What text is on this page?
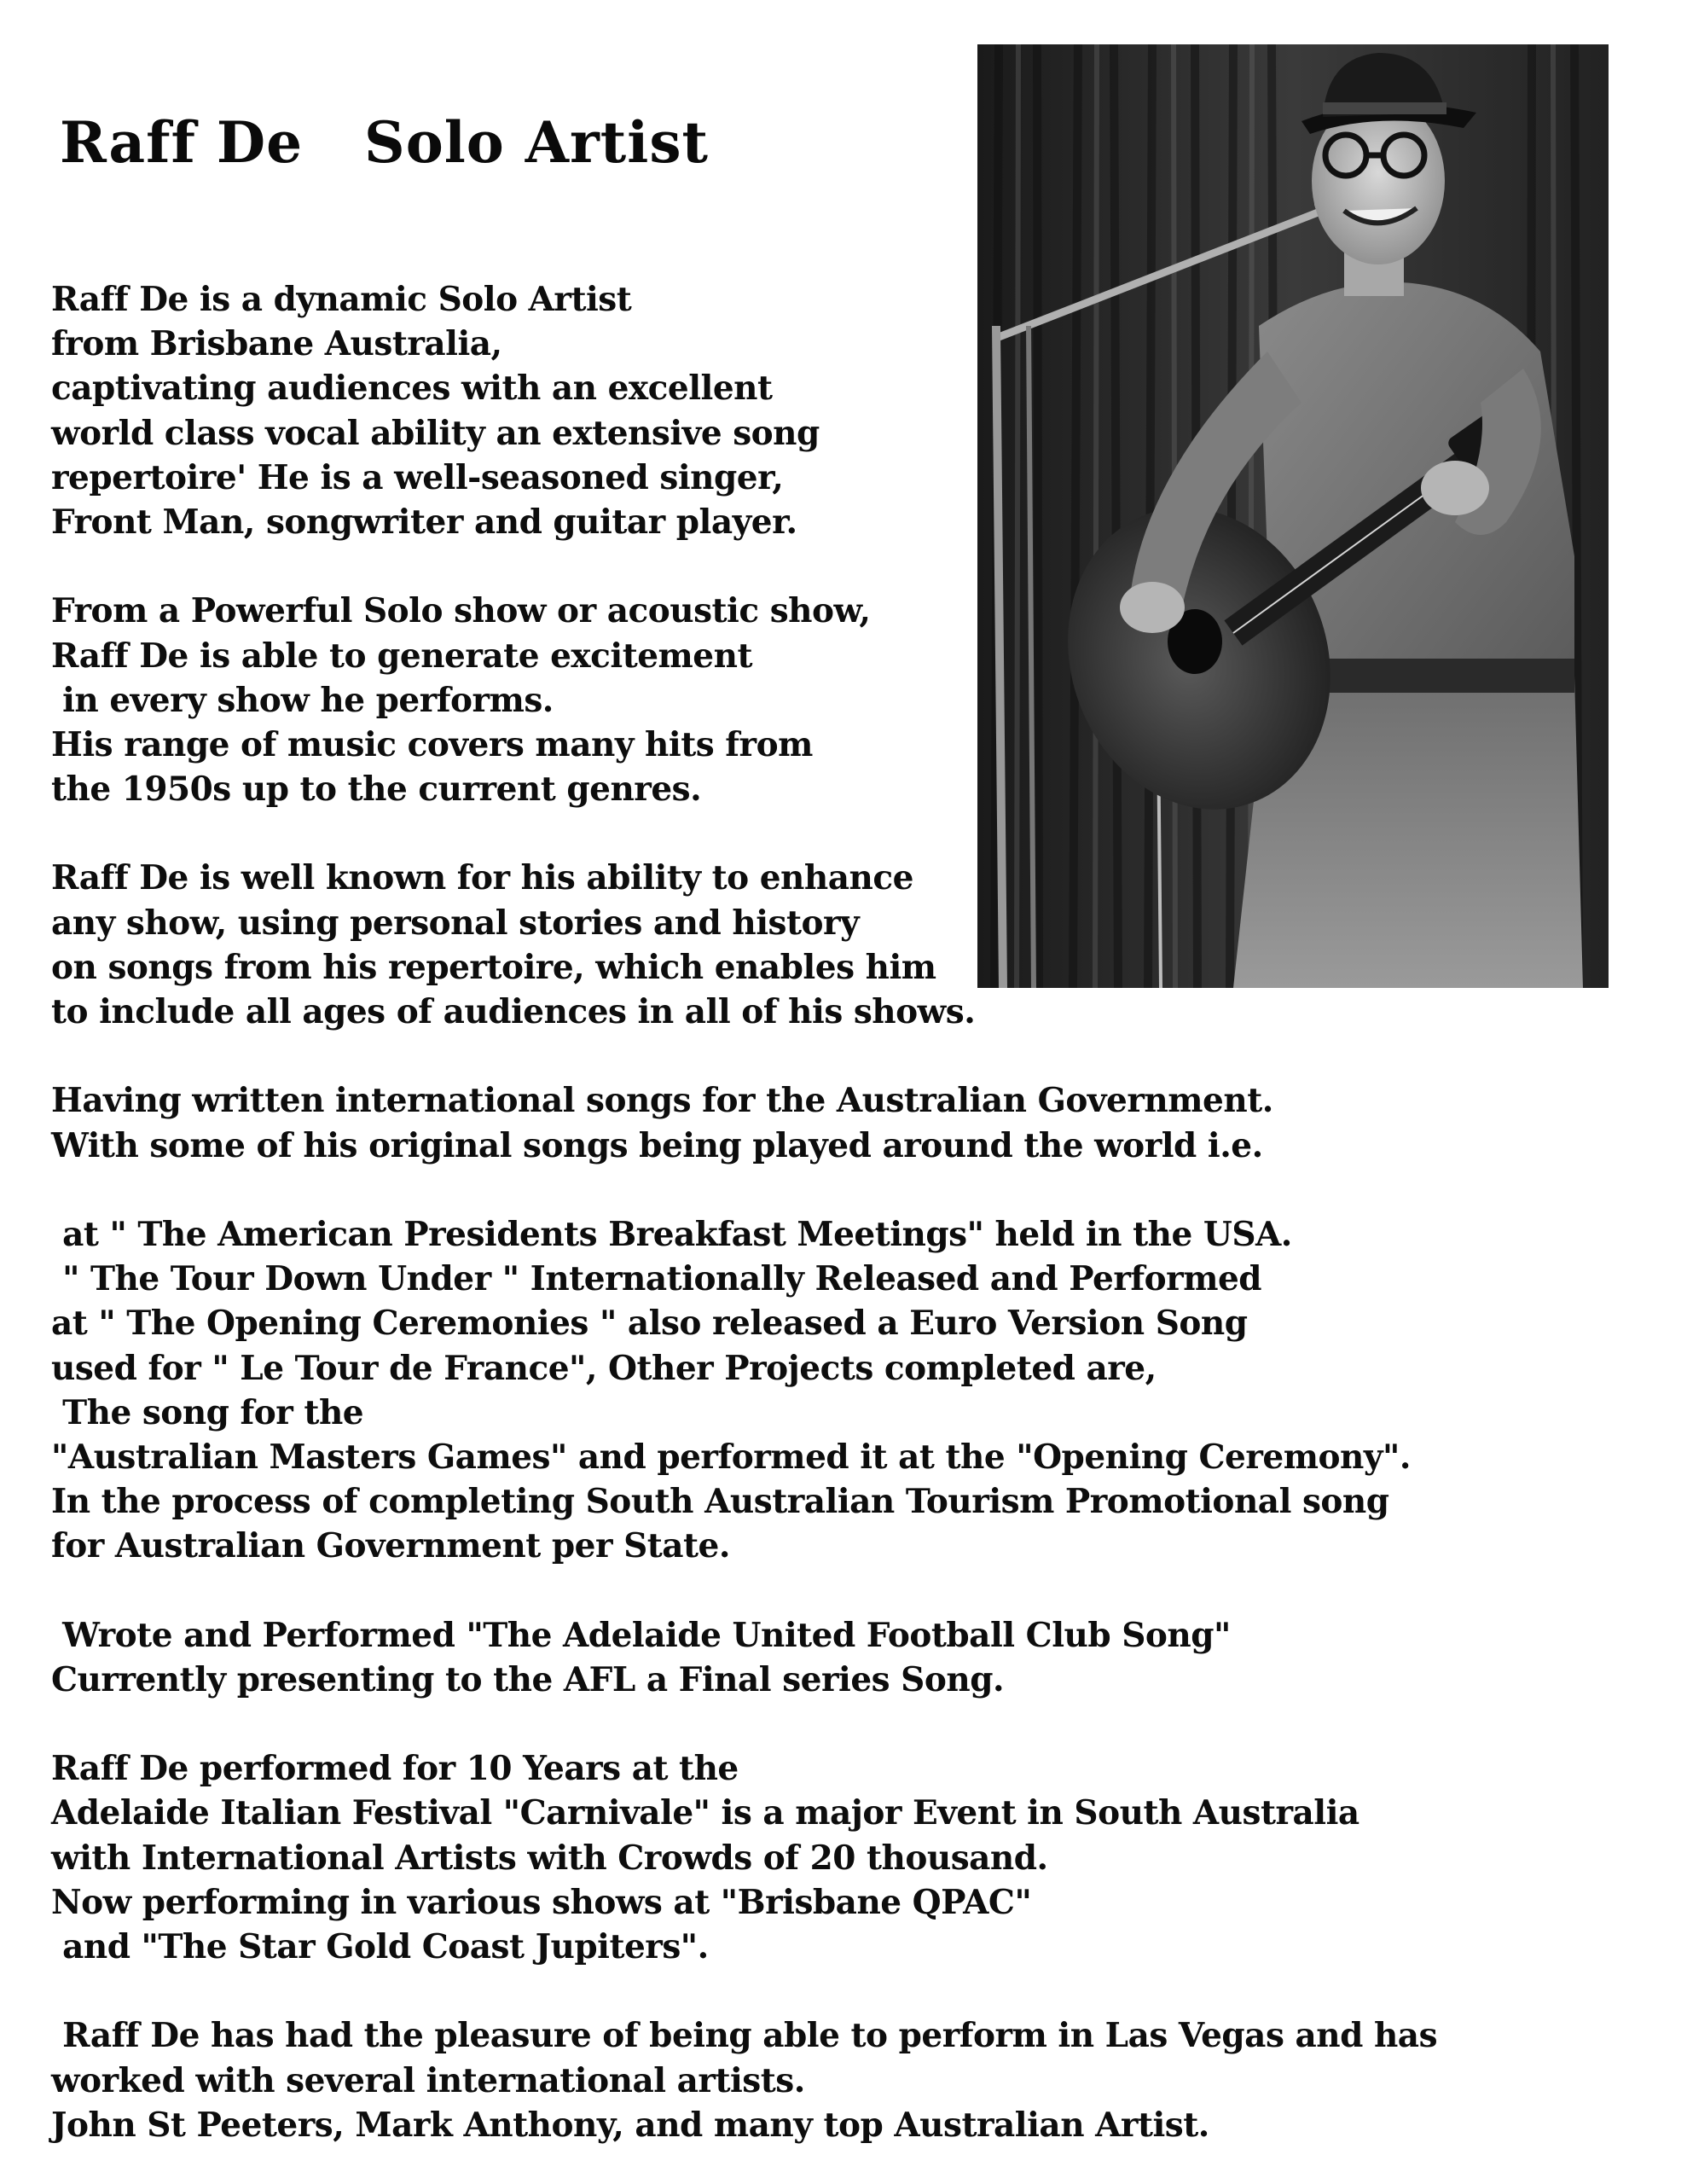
Raff De   Solo Artist
Raff De is a dynamic Solo Artist
from Brisbane Australia,
captivating audiences with an excellent
world class vocal ability an extensive song
repertoire' He is a well-seasoned singer,
Front Man, songwriter and guitar player.
From a Powerful Solo show or acoustic show,
Raff De is able to generate excitement
in every show he performs.
His range of music covers many hits from
the 1950s up to the current genres.
Raff De is well known for his ability to enhance
any show, using personal stories and history
on songs from his repertoire, which enables him
to include all ages of audiences in all of his shows.
Having written international songs for the Australian Government.
With some of his original songs being played around the world i.e.
at " The American Presidents Breakfast Meetings" held in the USA.
" The Tour Down Under " Internationally Released and Performed
at " The Opening Ceremonies " also released a Euro Version Song
used for " Le Tour de France", Other Projects completed are,
The song for the
"Australian Masters Games" and performed it at the "Opening Ceremony".
In the process of completing South Australian Tourism Promotional song
for Australian Government per State.
Wrote and Performed "The Adelaide United Football Club Song"
Currently presenting to the AFL a Final series Song.
Raff De performed for 10 Years at the
Adelaide Italian Festival "Carnivale" is a major Event in South Australia
with International Artists with Crowds of 20 thousand.
Now performing in various shows at "Brisbane QPAC"
and "The Star Gold Coast Jupiters".
Raff De has had the pleasure of being able to perform in Las Vegas and has
worked with several international artists.
John St Peeters, Mark Anthony, and many top Australian Artist.
